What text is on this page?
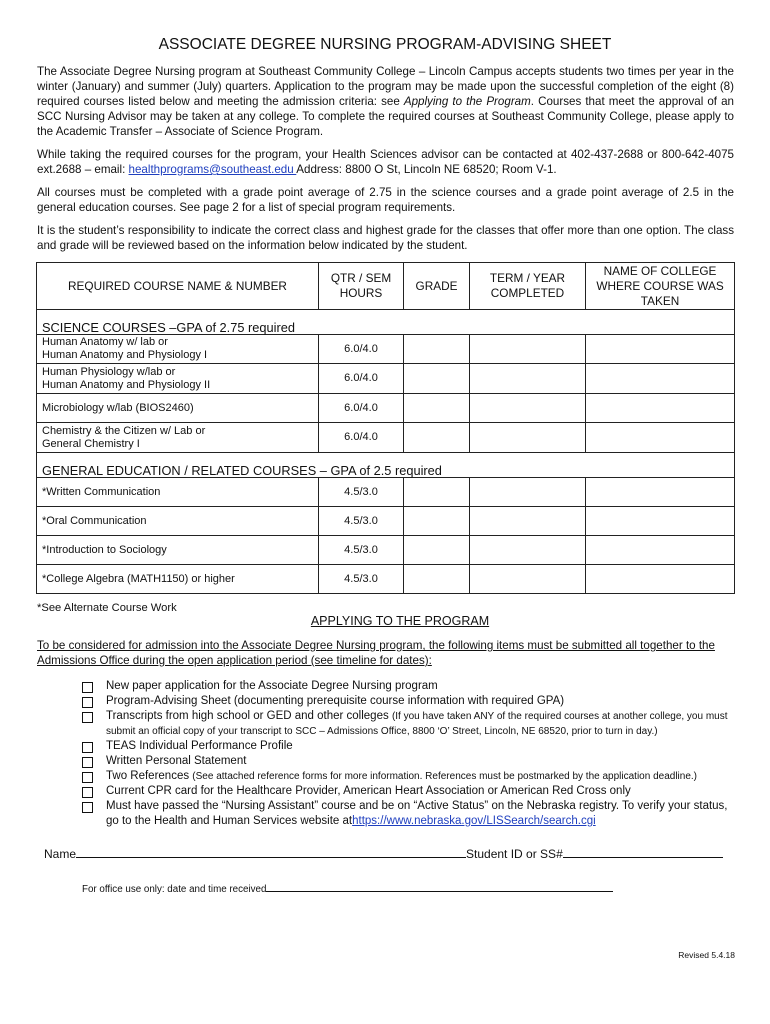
ASSOCIATE DEGREE NURSING PROGRAM-ADVISING SHEET
The Associate Degree Nursing program at Southeast Community College – Lincoln Campus accepts students two times per year in the winter (January) and summer (July) quarters. Application to the program may be made upon the successful completion of the eight (8) required courses listed below and meeting the admission criteria: see Applying to the Program. Courses that meet the approval of an SCC Nursing Advisor may be taken at any college. To complete the required courses at Southeast Community College, please apply to the Academic Transfer – Associate of Science Program.
While taking the required courses for the program, your Health Sciences advisor can be contacted at 402-437-2688 or 800-642-4075 ext.2688 – email: healthprograms@southeast.edu Address: 8800 O St, Lincoln NE 68520; Room V-1.
All courses must be completed with a grade point average of 2.75 in the science courses and a grade point average of 2.5 in the general education courses. See page 2 for a list of special program requirements.
It is the student’s responsibility to indicate the correct class and highest grade for the classes that offer more than one option. The class and grade will be reviewed based on the information below indicated by the student.
REQUIRED COURSE NAME & NUMBER	QTR / SEM HOURS	GRADE	TERM / YEAR COMPLETED	NAME OF COLLEGE WHERE COURSE WAS TAKEN
SCIENCE COURSES –GPA of 2.75 required				

Human Anatomy w/ lab or
Human Anatomy and Physiology I	6.0/4.0			

Human Physiology w/lab or
Human Anatomy and Physiology II	6.0/4.0			
Microbiology w/lab (BIOS2460)	6.0/4.0			

Chemistry & the Citizen w/ Lab or
General Chemistry I	6.0/4.0			
GENERAL EDUCATION / RELATED COURSES – GPA of 2.5 required				
*Written Communication	4.5/3.0			
*Oral Communication	4.5/3.0			
*Introduction to Sociology	4.5/3.0			
*College Algebra (MATH1150) or higher	4.5/3.0			
*See Alternate Course Work
APPLYING TO THE PROGRAM
To be considered for admission into the Associate Degree Nursing program, the following items must be submitted all together to the Admissions Office during the open application period (see timeline for dates):
New paper application for the Associate Degree Nursing program
Program-Advising Sheet (documenting prerequisite course information with required GPA)
Transcripts from high school or GED and other colleges (If you have taken ANY of the required courses at another college, you must submit an official copy of your transcript to SCC – Admissions Office, 8800 ‘O’ Street, Lincoln, NE 68520, prior to turn in day.)
TEAS Individual Performance Profile
Written Personal Statement
Two References (See attached reference forms for more information. References must be postmarked by the application deadline.)
Current CPR card for the Healthcare Provider, American Heart Association or American Red Cross only
Must have passed the “Nursing Assistant” course and be on “Active Status” on the Nebraska registry. To verify your status, go to the Health and Human Services website athttps://www.nebraska.gov/LISSearch/search.cgi
Name	Student ID or SS#
For office use only: date and time received
Revised 5.4.18
